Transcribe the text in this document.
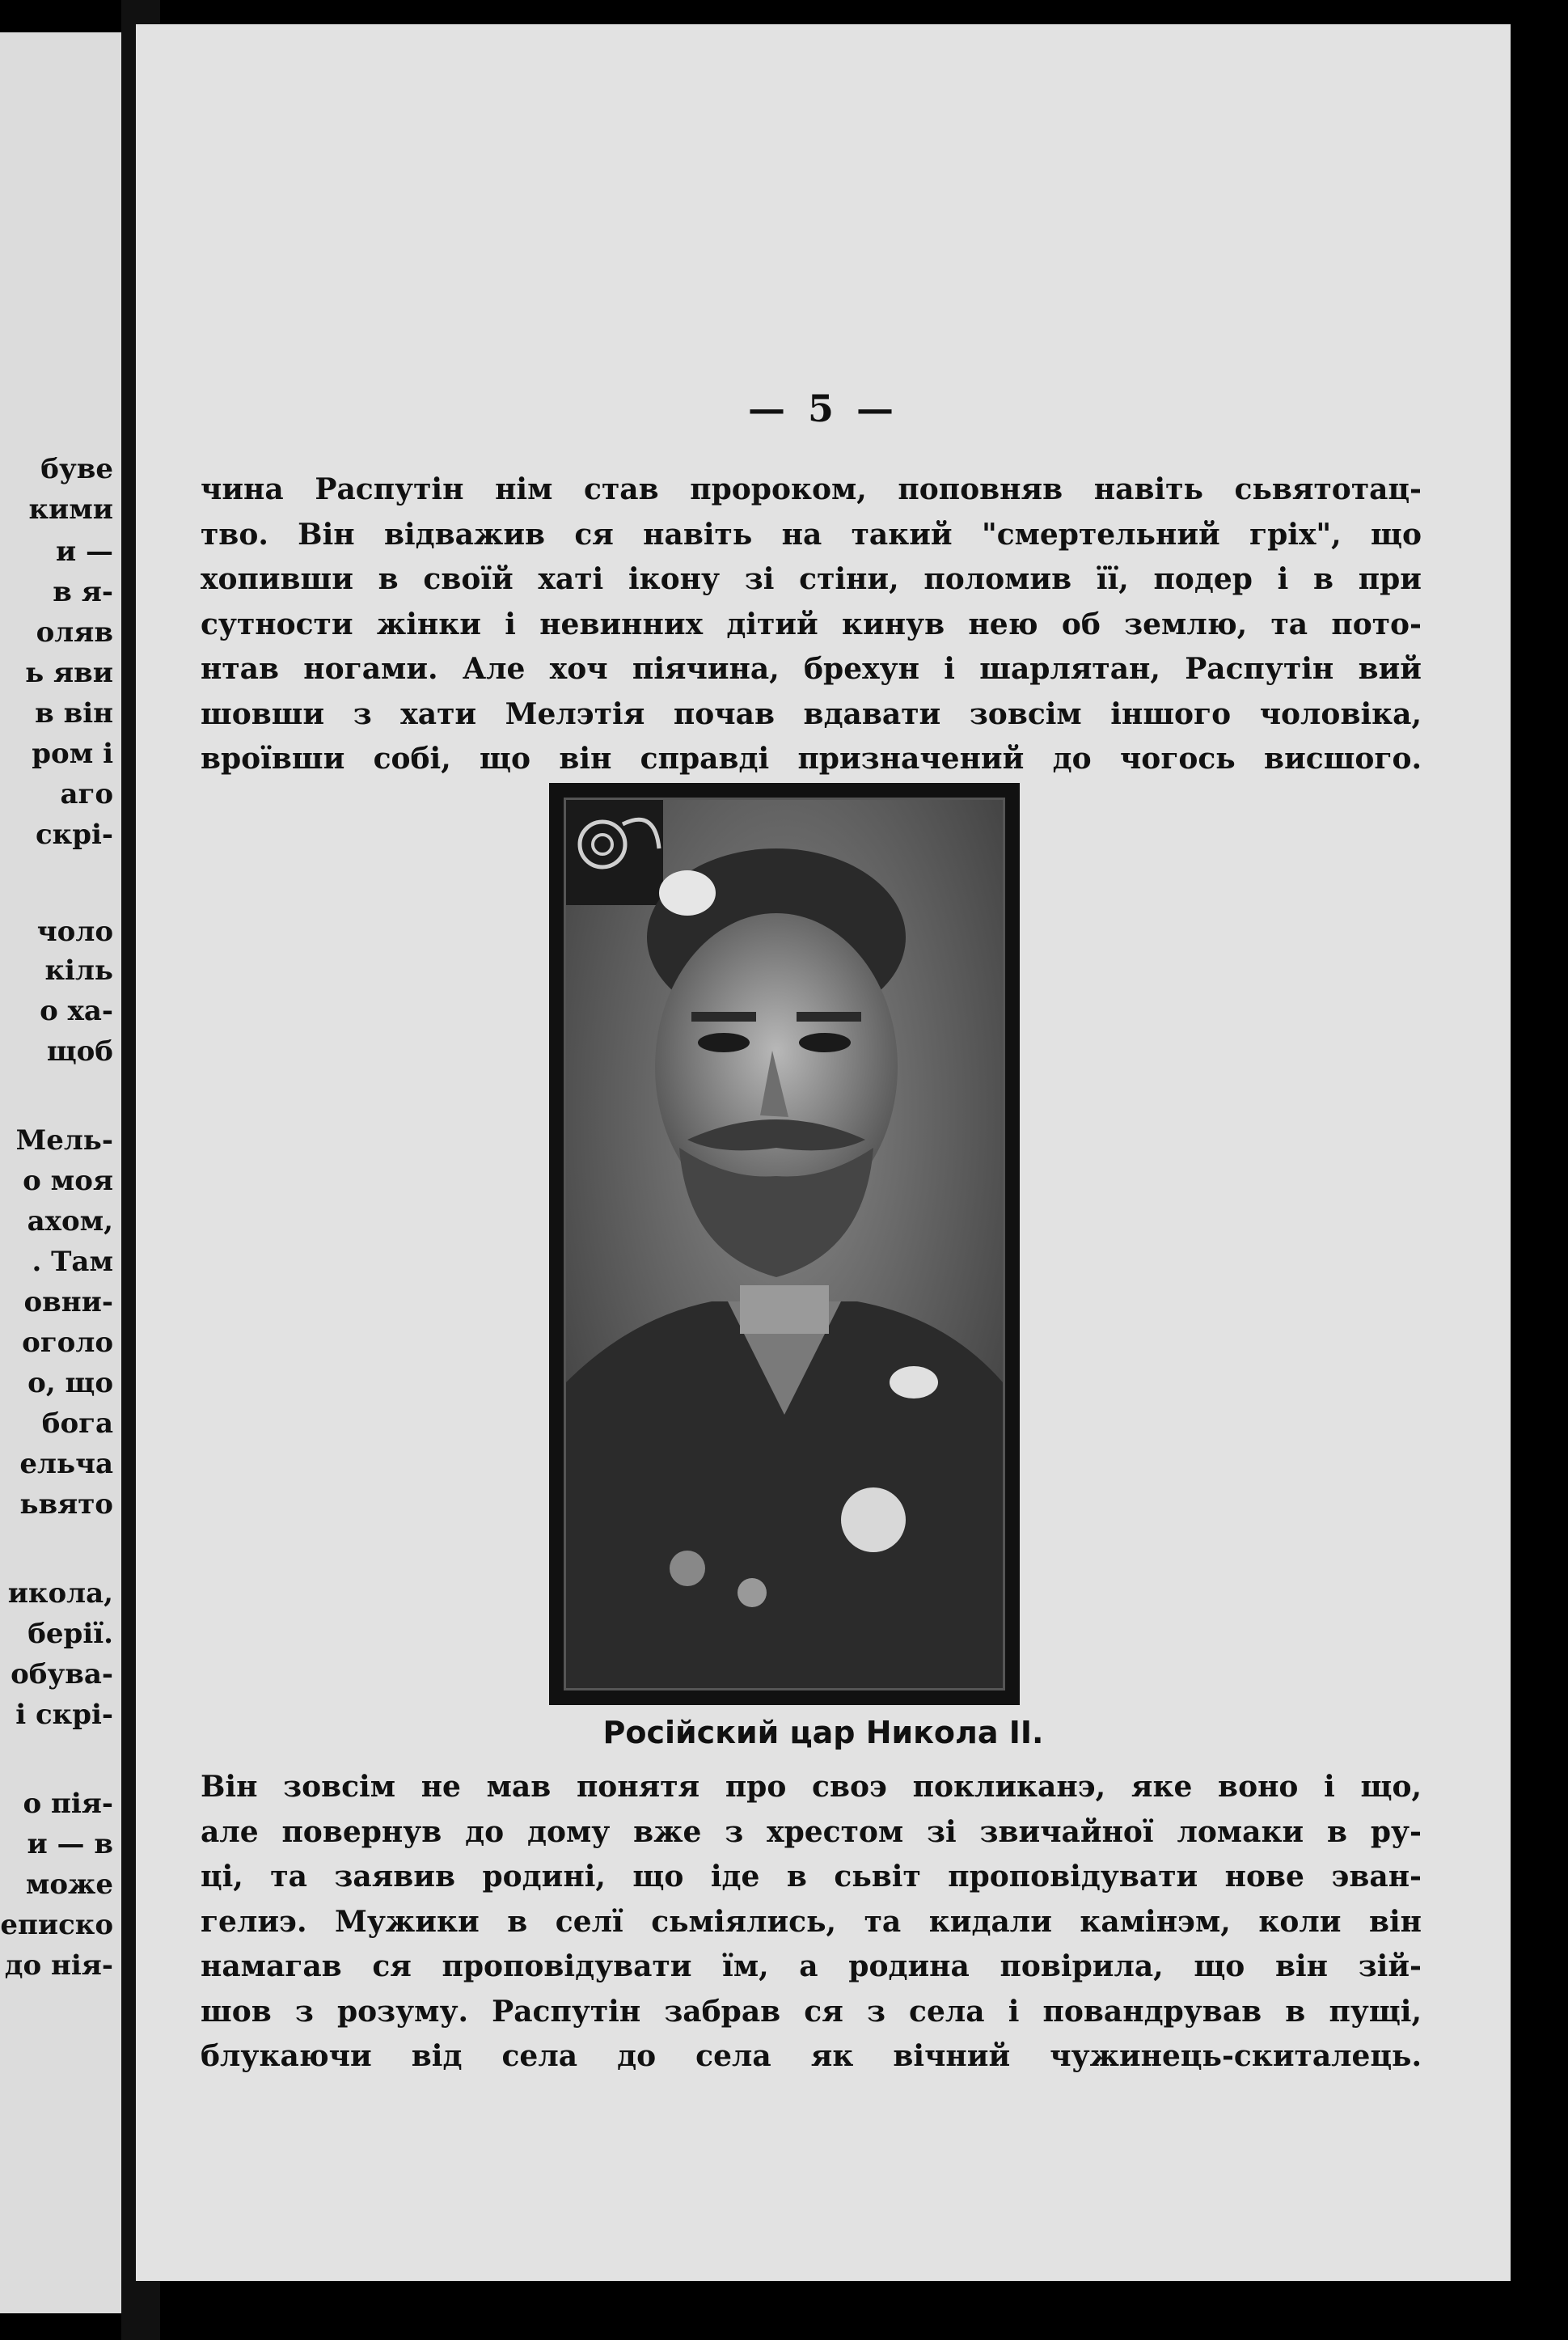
буве
кими
и —
в я-
оляв
ь яви
в він
ром і
аго
скрі-
чоло
кіль
о ха-
щоб
Мель-
о моя
ахом,
. Там
овни-
оголо
о, що
бога
ельча
ьвято
икола,
берії.
обува-
і скрі-
о пія-
и — в
може
еписко
до нія-
— 5 —
чина Распутін нім став пророком, поповняв навіть сьвятотац-
тво. Він відважив ся навіть на такий "смертельний гріх", що
хопивши в своїй хаті ікону зі стіни, поломив її, подер і в при
сутности жінки і невинних дітий кинув нею об землю, та пото-
нтав ногами. Але хоч піячина, брехун і шарлятан, Распутін вий
шовши з хати Мелэтія почав вдавати зовсім іншого чоловіка,
вроївши собі, що він справді призначений до чогось висшого.
Російский цар Никола II.
Він зовсім не мав понятя про своэ покликанэ, яке воно і що,
але повернув до дому вже з хрестом зі звичайної ломаки в ру-
ці, та заявив родині, що іде в сьвіт проповідувати нове эван-
гелиэ. Мужики в селї сьміялись, та кидали камінэм, коли він
намагав ся проповідувати їм, а родина повірила, що він зій-
шов з розуму. Распутін забрав ся з села і повандрував в пущі,
блукаючи від села до села як вічний чужинець-скиталець.
